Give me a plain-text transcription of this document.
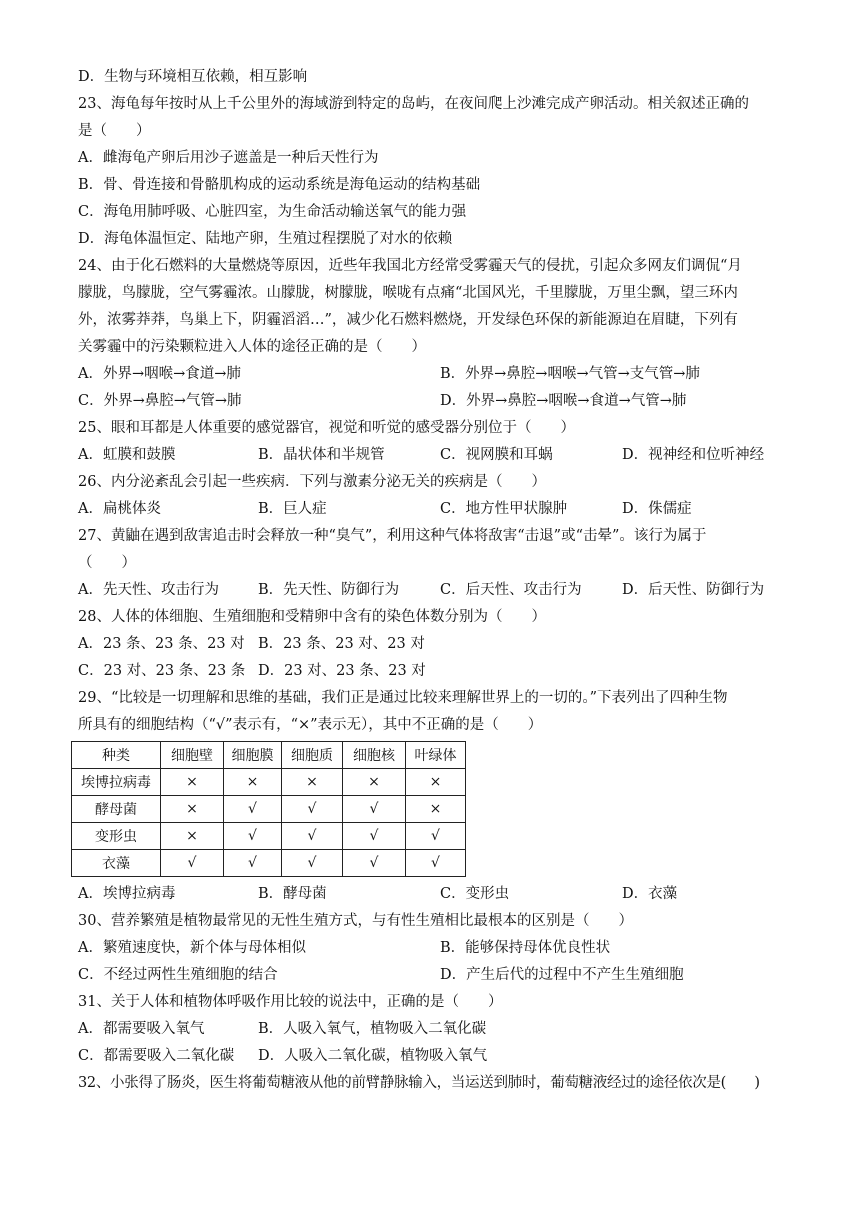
D．生物与环境相互依赖，相互影响
23、海龟每年按时从上千公里外的海域游到特定的岛屿，在夜间爬上沙滩完成产卵活动。相关叙述正确的
是（　　）
A．雌海龟产卵后用沙子遮盖是一种后天性行为
B．骨、骨连接和骨骼肌构成的运动系统是海龟运动的结构基础
C．海龟用肺呼吸、心脏四室，为生命活动输送氧气的能力强
D．海龟体温恒定、陆地产卵，生殖过程摆脱了对水的依赖
24、由于化石燃料的大量燃烧等原因，近些年我国北方经常受雾霾天气的侵扰，引起众多网友们调侃“月
朦胧，鸟朦胧，空气雾霾浓。山朦胧，树朦胧，喉咙有点痛“北国风光，千里朦胧，万里尘飘，望三环内
外，浓雾莽莽，鸟巢上下，阴霾滔滔…”，减少化石燃料燃烧，开发绿色环保的新能源迫在眉睫，下列有
关雾霾中的污染颗粒进入人体的途径正确的是（　　）
A．外界→咽喉→食道→肺	B．外界→鼻腔→咽喉→气管→支气管→肺
C．外界→鼻腔→气管→肺	D．外界→鼻腔→咽喉→食道→气管→肺
25、眼和耳都是人体重要的感觉器官，视觉和听觉的感受器分别位于（　　）
A．虹膜和鼓膜	B．晶状体和半规管	C．视网膜和耳蜗	D．视神经和位听神经
26、内分泌紊乱会引起一些疾病．下列与激素分泌无关的疾病是（　　）
A．扁桃体炎	B．巨人症	C．地方性甲状腺肿	D．侏儒症
27、黄鼬在遇到敌害追击时会释放一种“臭气”，利用这种气体将敌害“击退”或“击晕”。该行为属于
（　　）
A．先天性、攻击行为	B．先天性、防御行为	C．后天性、攻击行为	D．后天性、防御行为
28、人体的体细胞、生殖细胞和受精卵中含有的染色体数分别为（　　）
A．23 条、23 条、23 对 B．23 条、23 对、23 对
C．23 对、23 条、23 条 D．23 对、23 条、23 对
29、“比较是一切理解和思维的基础，我们正是通过比较来理解世界上的一切的。”下表列出了四种生物
所具有的细胞结构（“√”表示有，“×”表示无），其中不正确的是（　　）
种类	细胞壁	细胞膜	细胞质	细胞核	叶绿体
埃博拉病毒	×	×	×	×	×
酵母菌	×	√	√	√	×
变形虫	×	√	√	√	√
衣藻	√	√	√	√	√
A．埃博拉病毒	B．酵母菌	C．变形虫	D．衣藻
30、营养繁殖是植物最常见的无性生殖方式，与有性生殖相比最根本的区别是（　　）
A．繁殖速度快，新个体与母体相似	B．能够保持母体优良性状
C．不经过两性生殖细胞的结合	D．产生后代的过程中不产生生殖细胞
31、关于人体和植物体呼吸作用比较的说法中，正确的是（　　）
A．都需要吸入氧气	B．人吸入氧气，植物吸入二氧化碳
C．都需要吸入二氧化碳 D．人吸入二氧化碳，植物吸入氧气
32、小张得了肠炎，医生将葡萄糖液从他的前臂静脉输入，当运送到肺时，葡萄糖液经过的途径依次是(　　)
